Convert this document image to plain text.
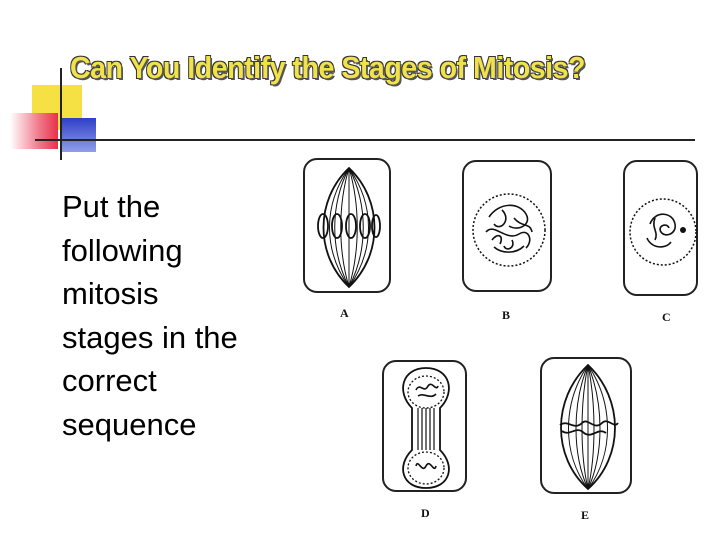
Can You Identify the Stages of Mitosis?
Put the
following
mitosis
stages in the
correct
sequence
A	B	C
D	E
